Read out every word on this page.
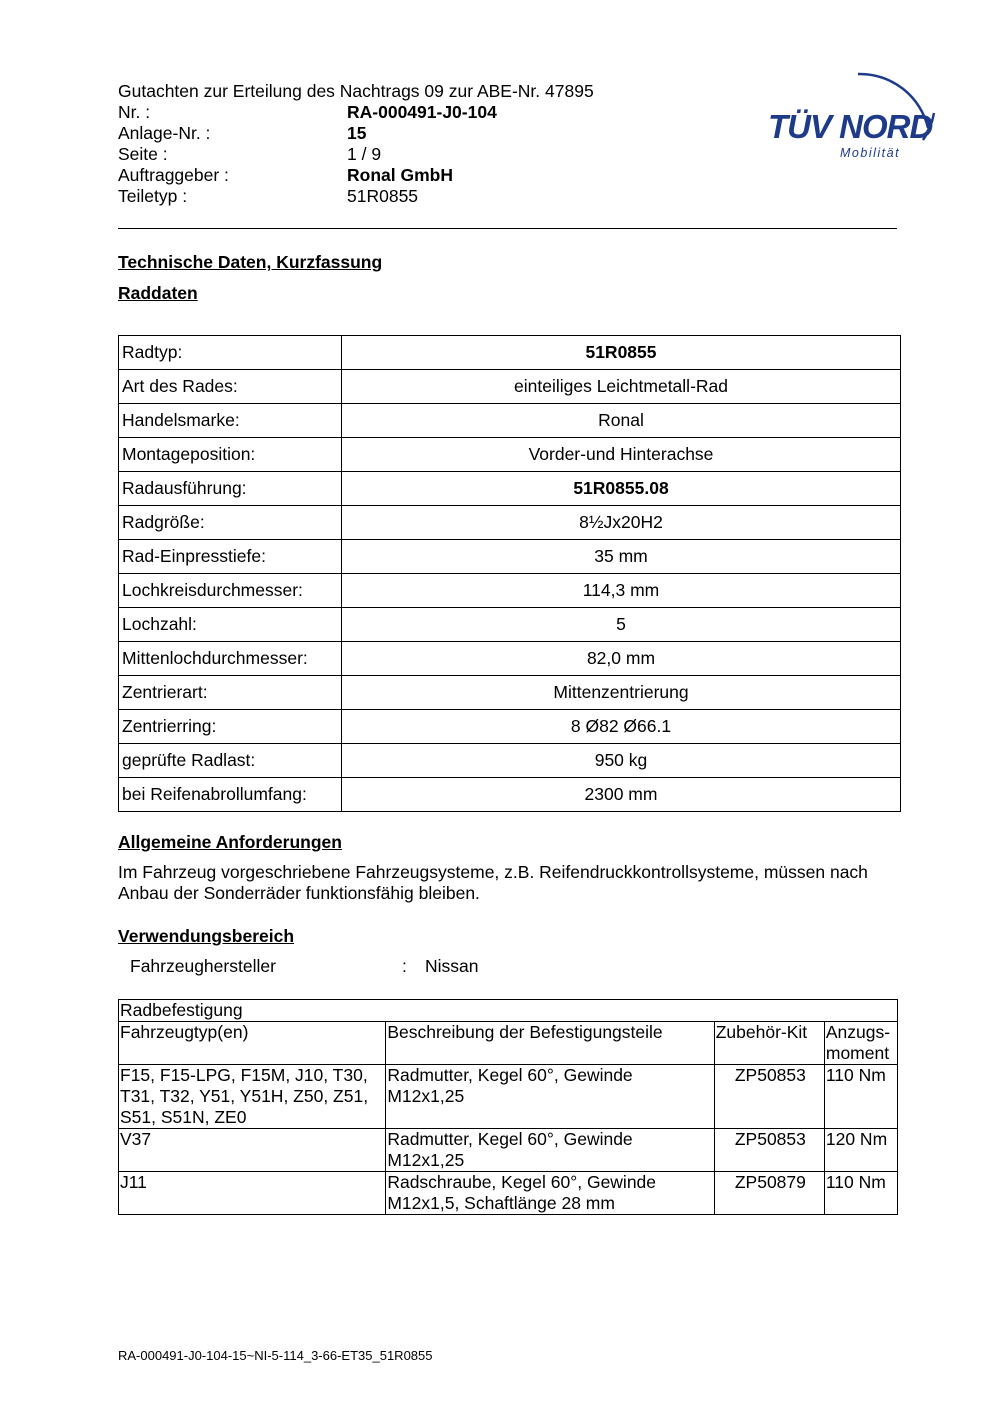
Gutachten zur Erteilung des Nachtrags 09 zur ABE-Nr. 47895
Nr. :	RA-000491-J0-104
Anlage-Nr. :	15
Seite :	1 / 9
Auftraggeber :	Ronal GmbH
Teiletyp :	51R0855
TÜV NORD
Mobilität
Technische Daten, Kurzfassung
Raddaten
Radtyp:	51R0855
Art des Rades:	einteiliges Leichtmetall-Rad
Handelsmarke:	Ronal
Montageposition:	Vorder-und Hinterachse
Radausführung:	51R0855.08
Radgröße:	8½Jx20H2
Rad-Einpresstiefe:	35 mm
Lochkreisdurchmesser:	114,3 mm
Lochzahl:	5
Mittenlochdurchmesser:	82,0 mm
Zentrierart:	Mittenzentrierung
Zentrierring:	8 Ø82 Ø66.1
geprüfte Radlast:	950 kg
bei Reifenabrollumfang:	2300 mm
Allgemeine Anforderungen
Im Fahrzeug vorgeschriebene Fahrzeugsysteme, z.B. Reifendruckkontrollsysteme, müssen nach Anbau der Sonderräder funktionsfähig bleiben.
Verwendungsbereich
Fahrzeughersteller	: Nissan
Radbefestigung			
Fahrzeugtyp(en)	Beschreibung der Befestigungsteile	Zubehör-Kit	Anzugs-moment
F15, F15-LPG, F15M, J10, T30, T31, T32, Y51, Y51H, Z50, Z51, S51, S51N, ZE0	Radmutter, Kegel 60°, Gewinde M12x1,25	ZP50853	110 Nm
V37	Radmutter, Kegel 60°, Gewinde M12x1,25	ZP50853	120 Nm
J11	Radschraube, Kegel 60°, Gewinde M12x1,5, Schaftlänge 28 mm	ZP50879	110 Nm
RA-000491-J0-104-15~NI-5-114_3-66-ET35_51R0855
